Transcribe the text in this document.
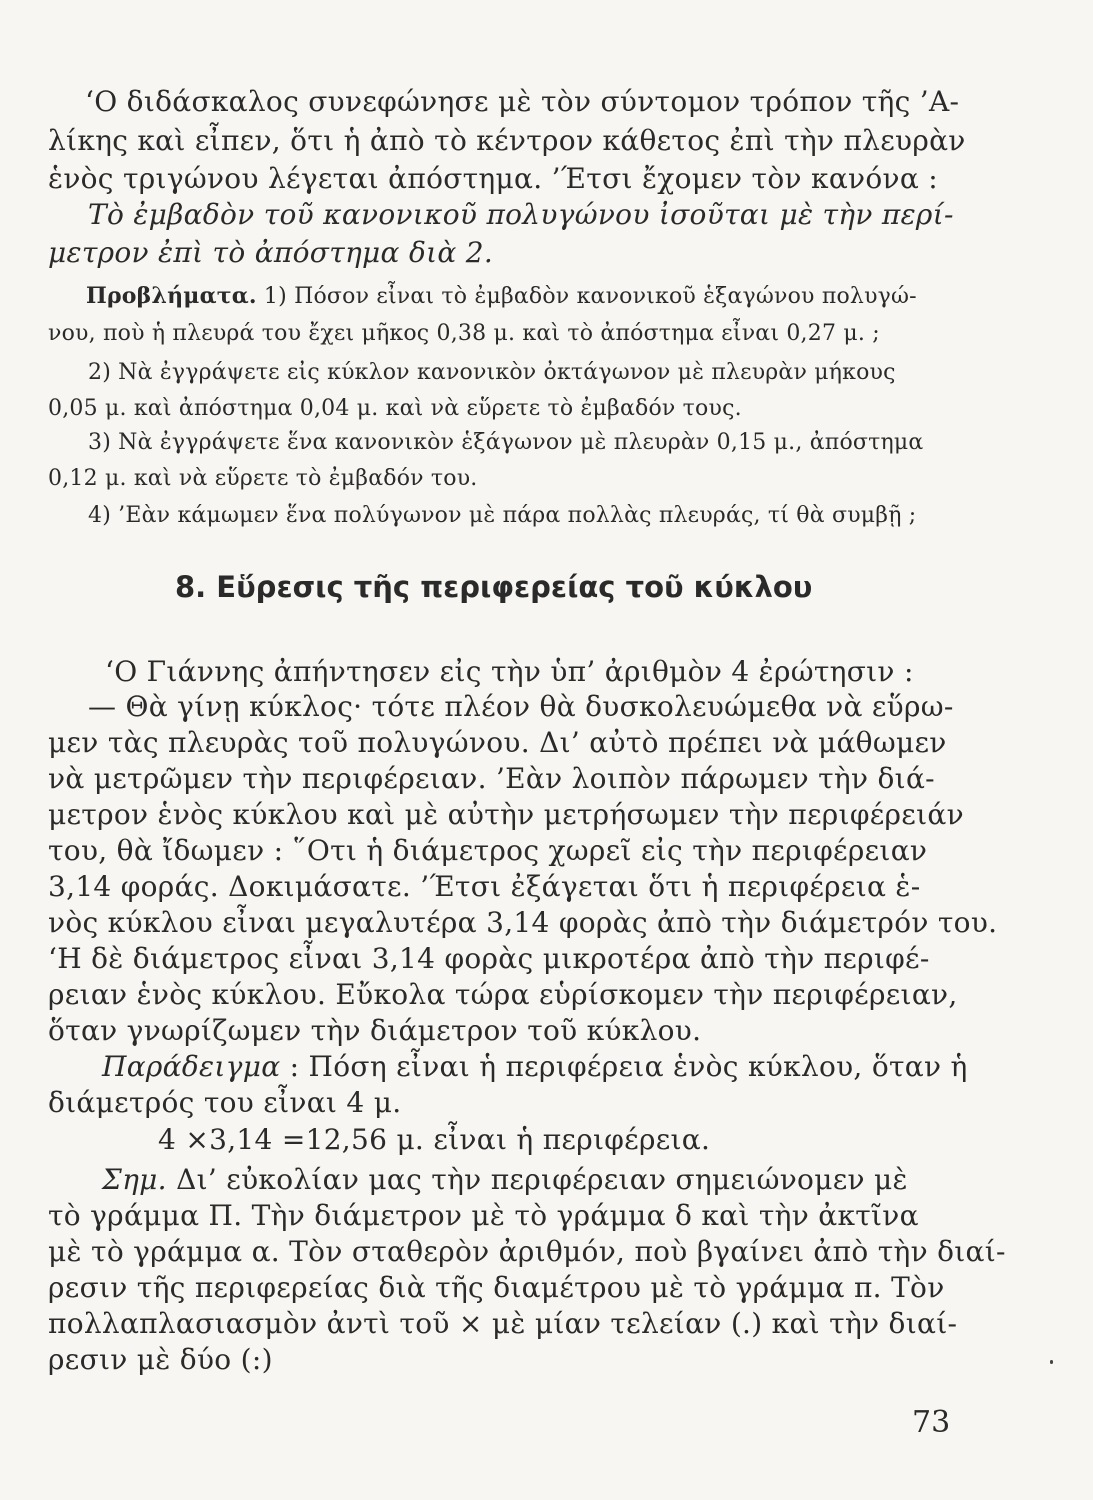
‘Ο διδάσκαλος συνεφώνησε μὲ τὸν σύντομον τρόπον τῆς ’Α-
λίκης καὶ εἶπεν, ὅτι ἡ ἀπὸ τὸ κέντρον κάθετος ἐπὶ τὴν πλευρὰν
ἑνὸς τριγώνου λέγεται ἀπόστημα. ’Έτσι ἔχομεν τὸν κανόνα :
Τὸ ἐμβαδὸν τοῦ κανονικοῦ πολυγώνου ἰσοῦται μὲ τὴν περί-
μετρον ἐπὶ τὸ ἀπόστημα διὰ 2.
Προβλήματα. 1) Πόσον εἶναι τὸ ἐμβαδὸν κανονικοῦ ἑξαγώνου πολυγώ-
νου, ποὺ ἡ πλευρά του ἔχει μῆκος 0,38 μ. καὶ τὸ ἀπόστημα εἶναι 0,27 μ. ;
2) Νὰ ἐγγράψετε εἰς κύκλον κανονικὸν ὀκτάγωνον μὲ πλευρὰν μήκους
0,05 μ. καὶ ἀπόστημα 0,04 μ. καὶ νὰ εὕρετε τὸ ἐμβαδόν τους.
3) Νὰ ἐγγράψετε ἕνα κανονικὸν ἑξάγωνον μὲ πλευρὰν 0,15 μ., ἀπόστημα
0,12 μ. καὶ νὰ εὕρετε τὸ ἐμβαδόν του.
4) ’Εὰν κάμωμεν ἕνα πολύγωνον μὲ πάρα πολλὰς πλευράς, τί θὰ συμβῇ ;
8. Εὕρεσις τῆς περιφερείας τοῦ κύκλου
‘Ο Γιάννης ἀπήντησεν εἰς τὴν ὑπ’ ἀριθμὸν 4 ἐρώτησιν :
— Θὰ γίνῃ κύκλος· τότε πλέον θὰ δυσκολευώμεθα νὰ εὕρω-
μεν τὰς πλευρὰς τοῦ πολυγώνου. Δι’ αὐτὸ πρέπει νὰ μάθωμεν
νὰ μετρῶμεν τὴν περιφέρειαν. ’Εὰν λοιπὸν πάρωμεν τὴν διά-
μετρον ἑνὸς κύκλου καὶ μὲ αὐτὴν μετρήσωμεν τὴν περιφέρειάν
του, θὰ ἴδωμεν : ῞Οτι ἡ διάμετρος χωρεῖ εἰς τὴν περιφέρειαν
3,14 φοράς. Δοκιμάσατε. ’Έτσι ἐξάγεται ὅτι ἡ περιφέρεια ἑ-
νὸς κύκλου εἶναι μεγαλυτέρα 3,14 φορὰς ἀπὸ τὴν διάμετρόν του.
‘Η δὲ διάμετρος εἶναι 3,14 φορὰς μικροτέρα ἀπὸ τὴν περιφέ-
ρειαν ἑνὸς κύκλου. Εὔκολα τώρα εὑρίσκομεν τὴν περιφέρειαν,
ὅταν γνωρίζωμεν τὴν διάμετρον τοῦ κύκλου.
Παράδειγμα : Πόση εἶναι ἡ περιφέρεια ἑνὸς κύκλου, ὅταν ἡ
διάμετρός του εἶναι 4 μ.
4 ×3,14 =12,56 μ. εἶναι ἡ περιφέρεια.
Σημ. Δι’ εὐκολίαν μας τὴν περιφέρειαν σημειώνομεν μὲ
τὸ γράμμα Π. Τὴν διάμετρον μὲ τὸ γράμμα δ καὶ τὴν ἀκτῖνα
μὲ τὸ γράμμα α. Τὸν σταθερὸν ἀριθμόν, ποὺ βγαίνει ἀπὸ τὴν διαί-
ρεσιν τῆς περιφερείας διὰ τῆς διαμέτρου μὲ τὸ γράμμα π. Τὸν
πολλαπλασιασμὸν ἀντὶ τοῦ × μὲ μίαν τελείαν (.) καὶ τὴν διαί-
ρεσιν μὲ δύο (:)
73
